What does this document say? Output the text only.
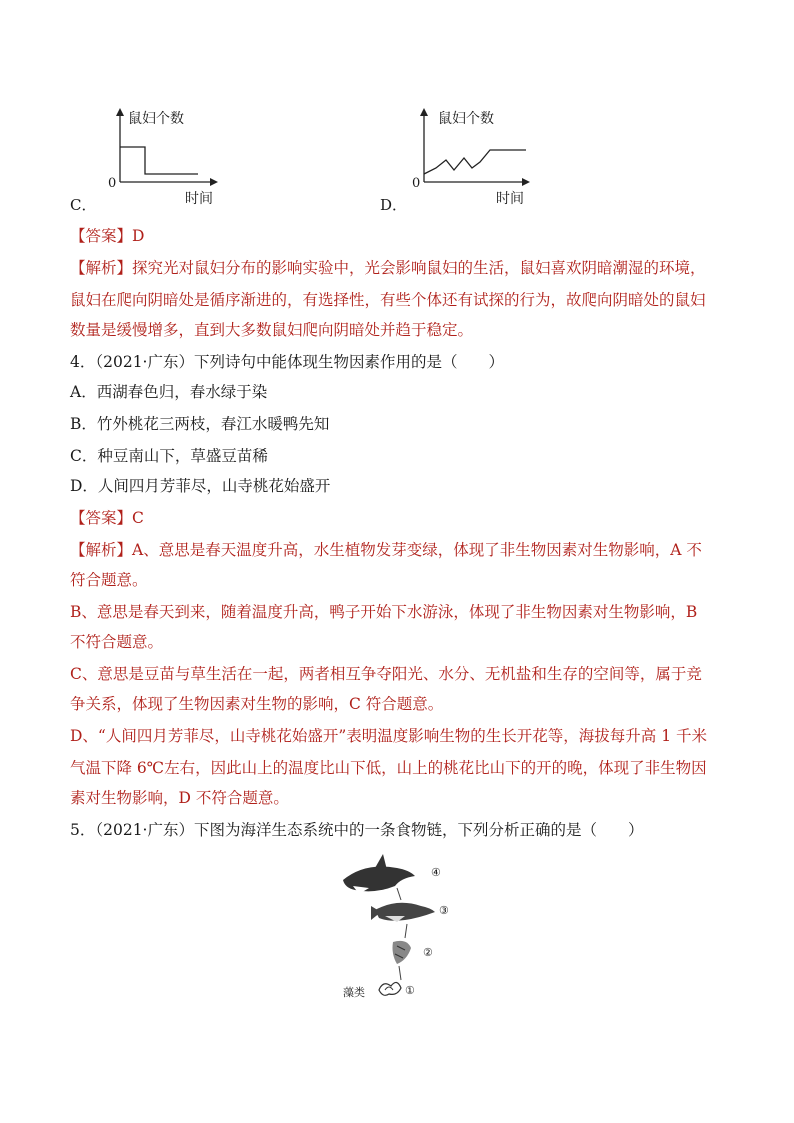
鼠妇个数
0
时间
C．
鼠妇个数
0
时间
D．
【答案】D
【解析】探究光对鼠妇分布的影响实验中，光会影响鼠妇的生活，鼠妇喜欢阴暗潮湿的环境，
鼠妇在爬向阴暗处是循序渐进的，有选择性，有些个体还有试探的行为，故爬向阴暗处的鼠妇
数量是缓慢增多，直到大多数鼠妇爬向阴暗处并趋于稳定。
4．（2021·广东）下列诗句中能体现生物因素作用的是（　　）
A．西湖春色归，春水绿于染
B．竹外桃花三两枝，春江水暖鸭先知
C．种豆南山下，草盛豆苗稀
D．人间四月芳菲尽，山寺桃花始盛开
【答案】C
【解析】A、意思是春天温度升高，水生植物发芽变绿，体现了非生物因素对生物影响，A 不
符合题意。
B、意思是春天到来，随着温度升高，鸭子开始下水游泳，体现了非生物因素对生物影响，B
不符合题意。
C、意思是豆苗与草生活在一起，两者相互争夺阳光、水分、无机盐和生存的空间等，属于竞
争关系，体现了生物因素对生物的影响，C 符合题意。
D、“人间四月芳菲尽，山寺桃花始盛开”表明温度影响生物的生长开花等，海拔每升高 1 千米
气温下降 6℃左右，因此山上的温度比山下低，山上的桃花比山下的开的晚，体现了非生物因
素对生物影响，D 不符合题意。
5．（2021·广东）下图为海洋生态系统中的一条食物链，下列分析正确的是（　　）
④
③
②
①
藻类
